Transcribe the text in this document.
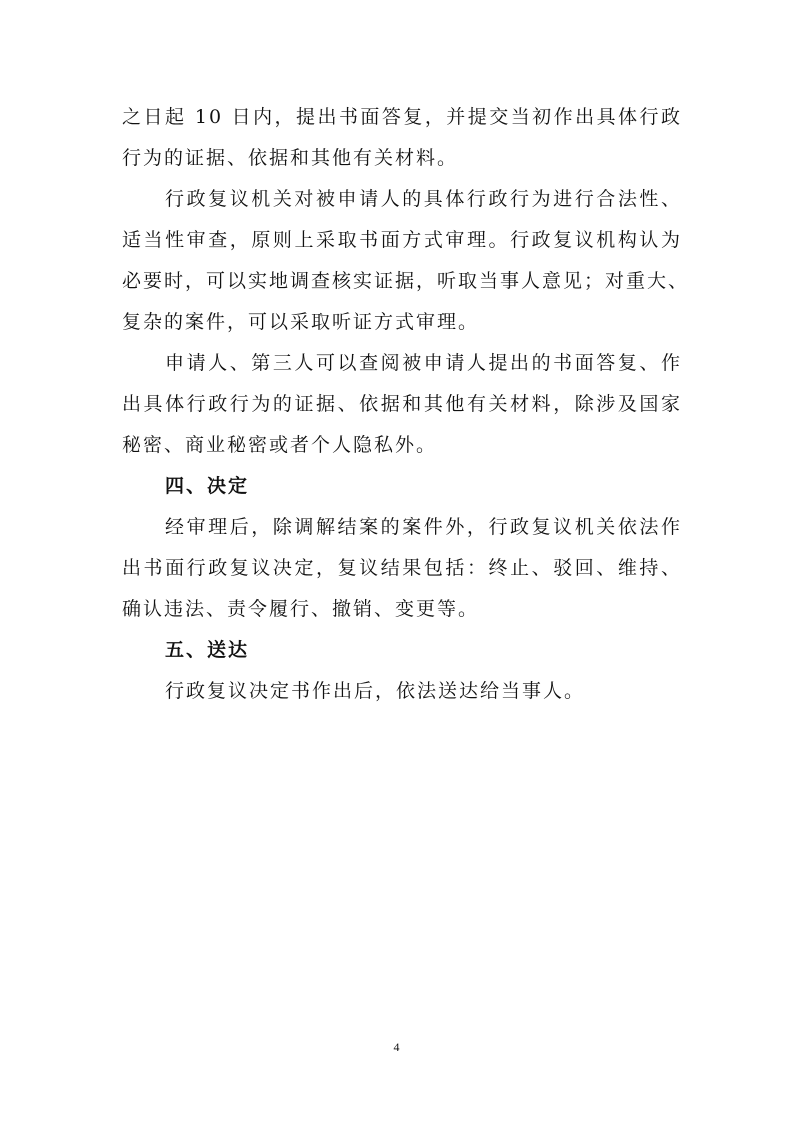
之日起 10 日内，提出书面答复，并提交当初作出具体行政
行为的证据、依据和其他有关材料。
行政复议机关对被申请人的具体行政行为进行合法性、
适当性审查，原则上采取书面方式审理。行政复议机构认为
必要时，可以实地调查核实证据，听取当事人意见；对重大、
复杂的案件，可以采取听证方式审理。
申请人、第三人可以查阅被申请人提出的书面答复、作
出具体行政行为的证据、依据和其他有关材料，除涉及国家
秘密、商业秘密或者个人隐私外。
四、决定
经审理后，除调解结案的案件外，行政复议机关依法作
出书面行政复议决定，复议结果包括：终止、驳回、维持、
确认违法、责令履行、撤销、变更等。
五、送达
行政复议决定书作出后，依法送达给当事人。
4
